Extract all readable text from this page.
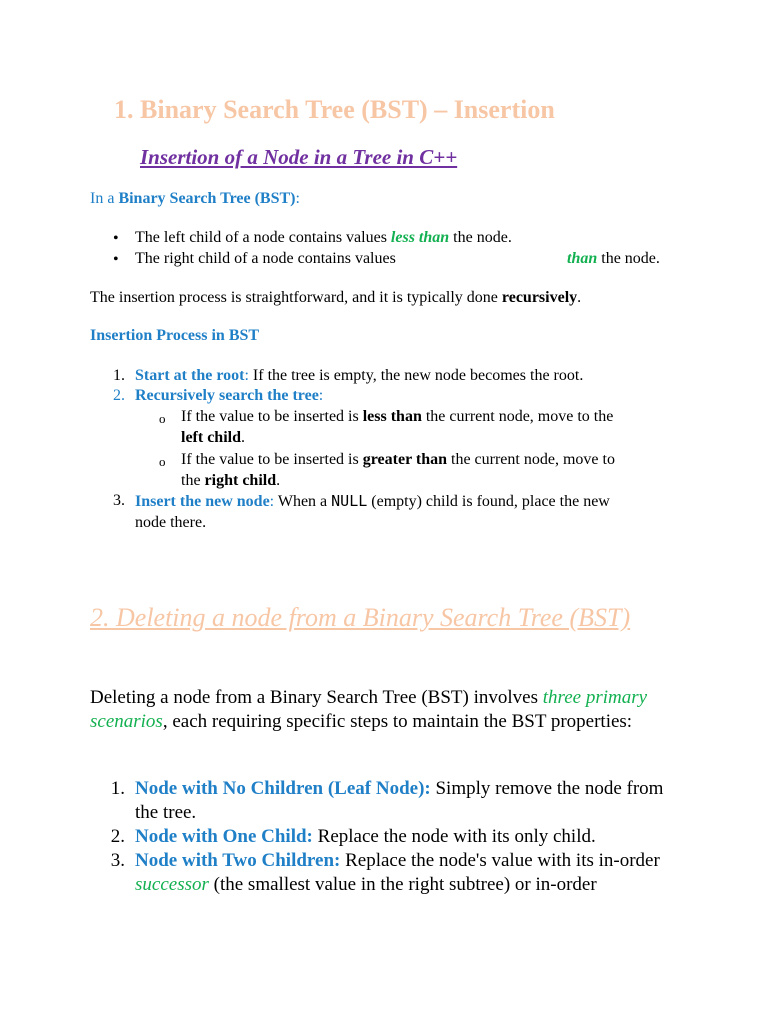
1. Binary Search Tree (BST) – Insertion
Insertion of a Node in a Tree in C++
In a Binary Search Tree (BST):
• The left child of a node contains values less than the node.
• The right child of a node contains values	than the node.
The insertion process is straightforward, and it is typically done recursively.
Insertion Process in BST
1. Start at the root: If the tree is empty, the new node becomes the root.
2. Recursively search the tree:
o If the value to be inserted is less than the current node, move to the
left child.
o If the value to be inserted is greater than the current node, move to
the right child.
3. Insert the new node: When a NULL (empty) child is found, place the new
node there.
2. Deleting a node from a Binary Search Tree (BST)
Deleting a node from a Binary Search Tree (BST) involves three primary scenarios, each requiring specific steps to maintain the BST properties:
1. Node with No Children (Leaf Node): Simply remove the node from the tree.
2. Node with One Child: Replace the node with its only child.
3. Node with Two Children: Replace the node's value with its in-order successor (the smallest value in the right subtree) or in-order
